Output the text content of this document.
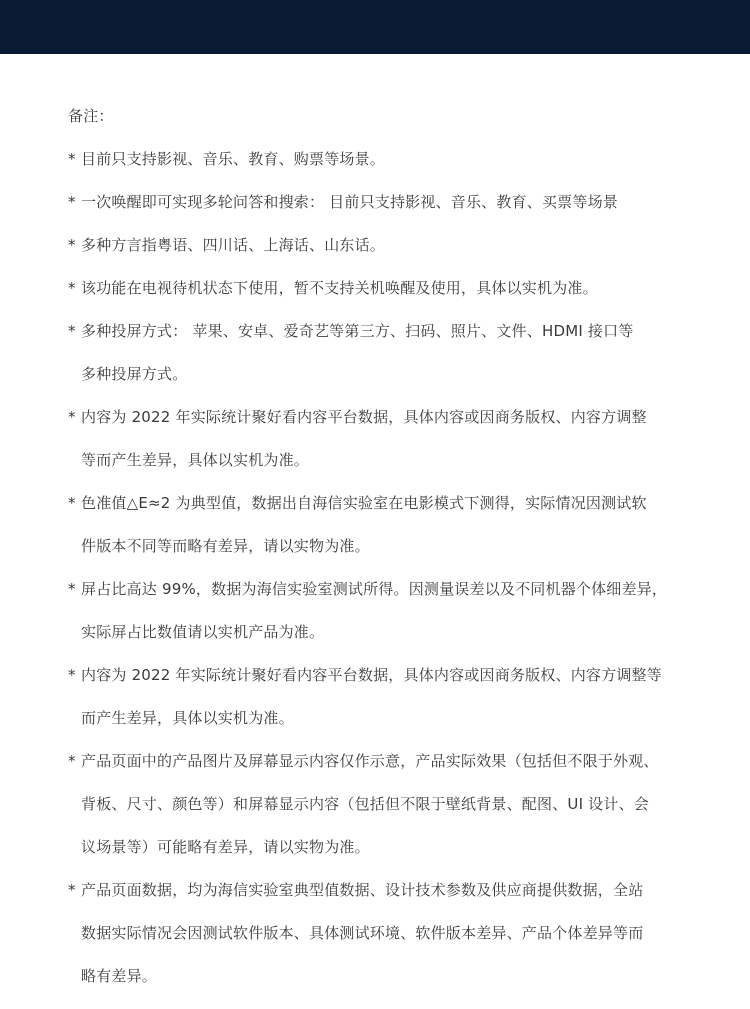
备注：
* 目前只支持影视、音乐、教育、购票等场景。
* 一次唤醒即可实现多轮问答和搜索： 目前只支持影视、音乐、教育、买票等场景
* 多种方言指粤语、四川话、上海话、山东话。
* 该功能在电视待机状态下使用，暂不支持关机唤醒及使用，具体以实机为准。
* 多种投屏方式： 苹果、安卓、爱奇艺等第三方、扫码、照片、文件、HDMI 接口等
多种投屏方式。
* 内容为 2022 年实际统计聚好看内容平台数据，具体内容或因商务版权、内容方调整
等而产生差异，具体以实机为准。
* 色准值△E≈2 为典型值，数据出自海信实验室在电影模式下测得，实际情况因测试软
件版本不同等而略有差异，请以实物为准。
* 屏占比高达 99%，数据为海信实验室测试所得。因测量误差以及不同机器个体细差异，
实际屏占比数值请以实机产品为准。
* 内容为 2022 年实际统计聚好看内容平台数据，具体内容或因商务版权、内容方调整等
而产生差异，具体以实机为准。
* 产品页面中的产品图片及屏幕显示内容仅作示意，产品实际效果（包括但不限于外观、
背板、尺寸、颜色等）和屏幕显示内容（包括但不限于壁纸背景、配图、UI 设计、会
议场景等）可能略有差异，请以实物为准。
* 产品页面数据，均为海信实验室典型值数据、设计技术参数及供应商提供数据，全站
数据实际情况会因测试软件版本、具体测试环境、软件版本差异、产品个体差异等而
略有差异。
